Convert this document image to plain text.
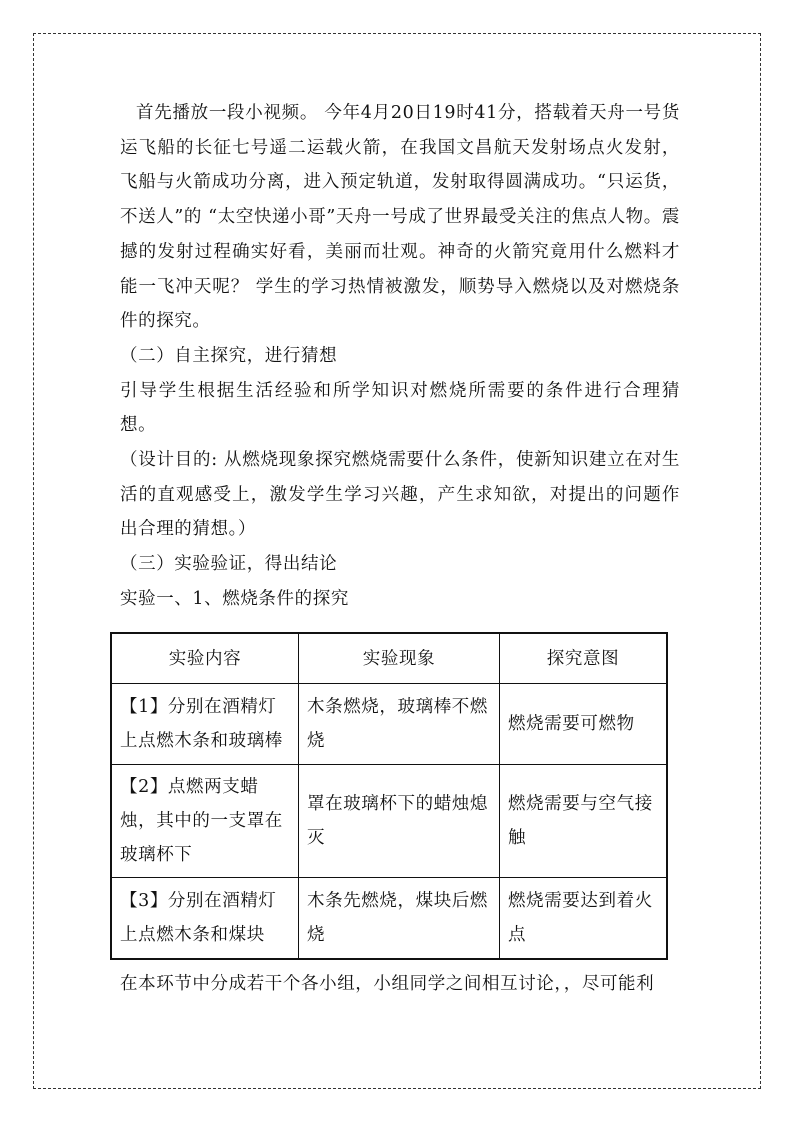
首先播放一段小视频。 今年4月20日19时41分，搭载着天舟一号货运飞船的长征七号遥二运载火箭，在我国文昌航天发射场点火发射，飞船与火箭成功分离，进入预定轨道，发射取得圆满成功。“只运货，不送人”的 “太空快递小哥”天舟一号成了世界最受关注的焦点人物。震撼的发射过程确实好看，美丽而壮观。神奇的火箭究竟用什么燃料才能一飞冲天呢？ 学生的学习热情被激发，顺势导入燃烧以及对燃烧条件的探究。

（二）自主探究，进行猜想

引导学生根据生活经验和所学知识对燃烧所需要的条件进行合理猜想。

（设计目的: 从燃烧现象探究燃烧需要什么条件，使新知识建立在对生活的直观感受上，激发学生学习兴趣，产生求知欲，对提出的问题作出合理的猜想。）

（三）实验验证，得出结论

实验一、1、燃烧条件的探究

实验内容	实验现象	探究意图
【1】分别在酒精灯上点燃木条和玻璃棒	木条燃烧，玻璃棒不燃烧	燃烧需要可燃物
【2】点燃两支蜡烛，其中的一支罩在玻璃杯下	罩在玻璃杯下的蜡烛熄灭	燃烧需要与空气接触
【3】分别在酒精灯上点燃木条和煤块	木条先燃烧，煤块后燃烧	燃烧需要达到着火点

在本环节中分成若干个各小组，小组同学之间相互讨论，，尽可能利
